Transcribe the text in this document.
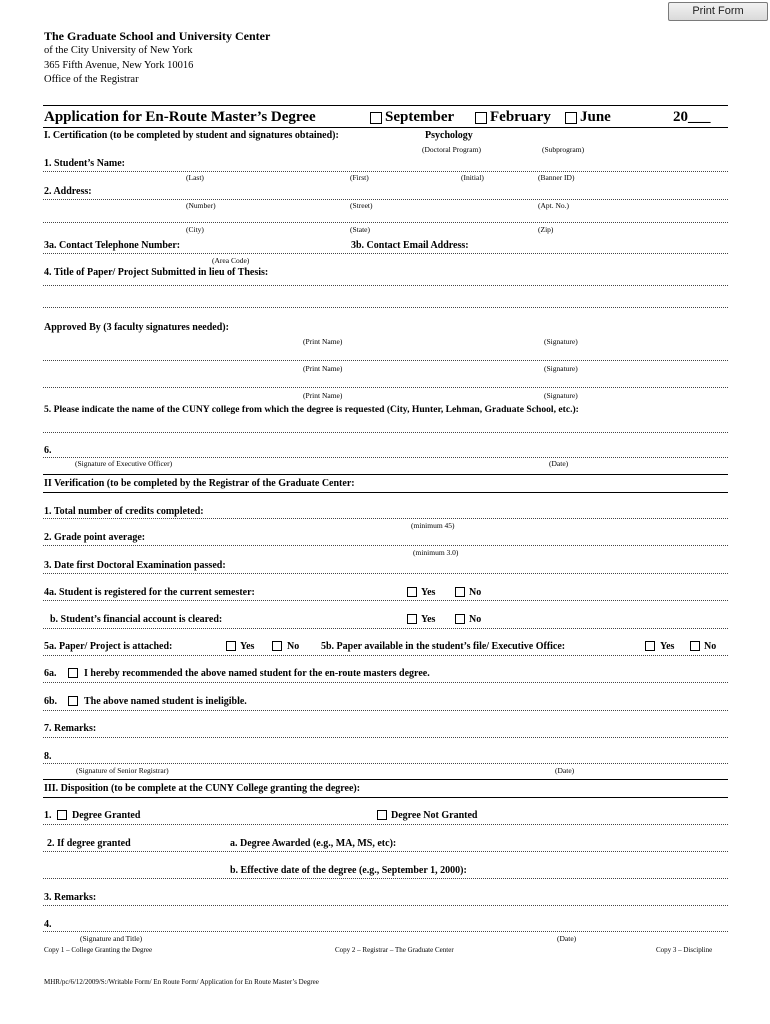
Print Form
The Graduate School and University Center
of the City University of New York
365 Fifth Avenue, New York 10016
Office of the Registrar
Application for En-Route Master’s Degree	September February June	20___
I. Certification (to be completed by student and signatures obtained):	Psychology
(Doctoral Program)	(Subprogram)
1. Student’s Name:
(Last)	(First)	(Initial)	(Banner ID)
2. Address:
(Number)	(Street)	(Apt. No.)
(City)	(State)	(Zip)
3a. Contact Telephone Number:	3b. Contact Email Address:
(Area Code)
4. Title of Paper/ Project Submitted in lieu of Thesis:
Approved By (3 faculty signatures needed):
(Print Name)	(Signature)
(Print Name)	(Signature)
(Print Name)	(Signature)
5. Please indicate the name of the CUNY college from which the degree is requested (City, Hunter, Lehman, Graduate School, etc.):
6.
(Signature of Executive Officer)	(Date)
II Verification (to be completed by the Registrar of the Graduate Center:
1. Total number of credits completed:
(minimum 45)
2. Grade point average:
(minimum 3.0)
3. Date first Doctoral Examination passed:
4a. Student is registered for the current semester:	Yes	No
b. Student’s financial account is cleared:	Yes	No
5a. Paper/ Project is attached:	Yes	No 5b. Paper available in the student’s file/ Executive Office:	Yes	No
6a.	I hereby recommended the above named student for the en-route masters degree.
6b.	The above named student is ineligible.
7. Remarks:
8.
(Signature of Senior Registrar)	(Date)
III. Disposition (to be complete at the CUNY College granting the degree):
1. Degree Granted	Degree Not Granted
2. If degree granted	a. Degree Awarded (e.g., MA, MS, etc):
b. Effective date of the degree (e.g., September 1, 2000):
3. Remarks:
4.
(Signature and Title)	(Date)
Copy 1 – College Granting the Degree	Copy 2 – Registrar – The Graduate Center	Copy 3 – Discipline
MHR/pc/6/12/2009/S:/Writable Form/ En Route Form/ Application for En Route Master’s Degree
